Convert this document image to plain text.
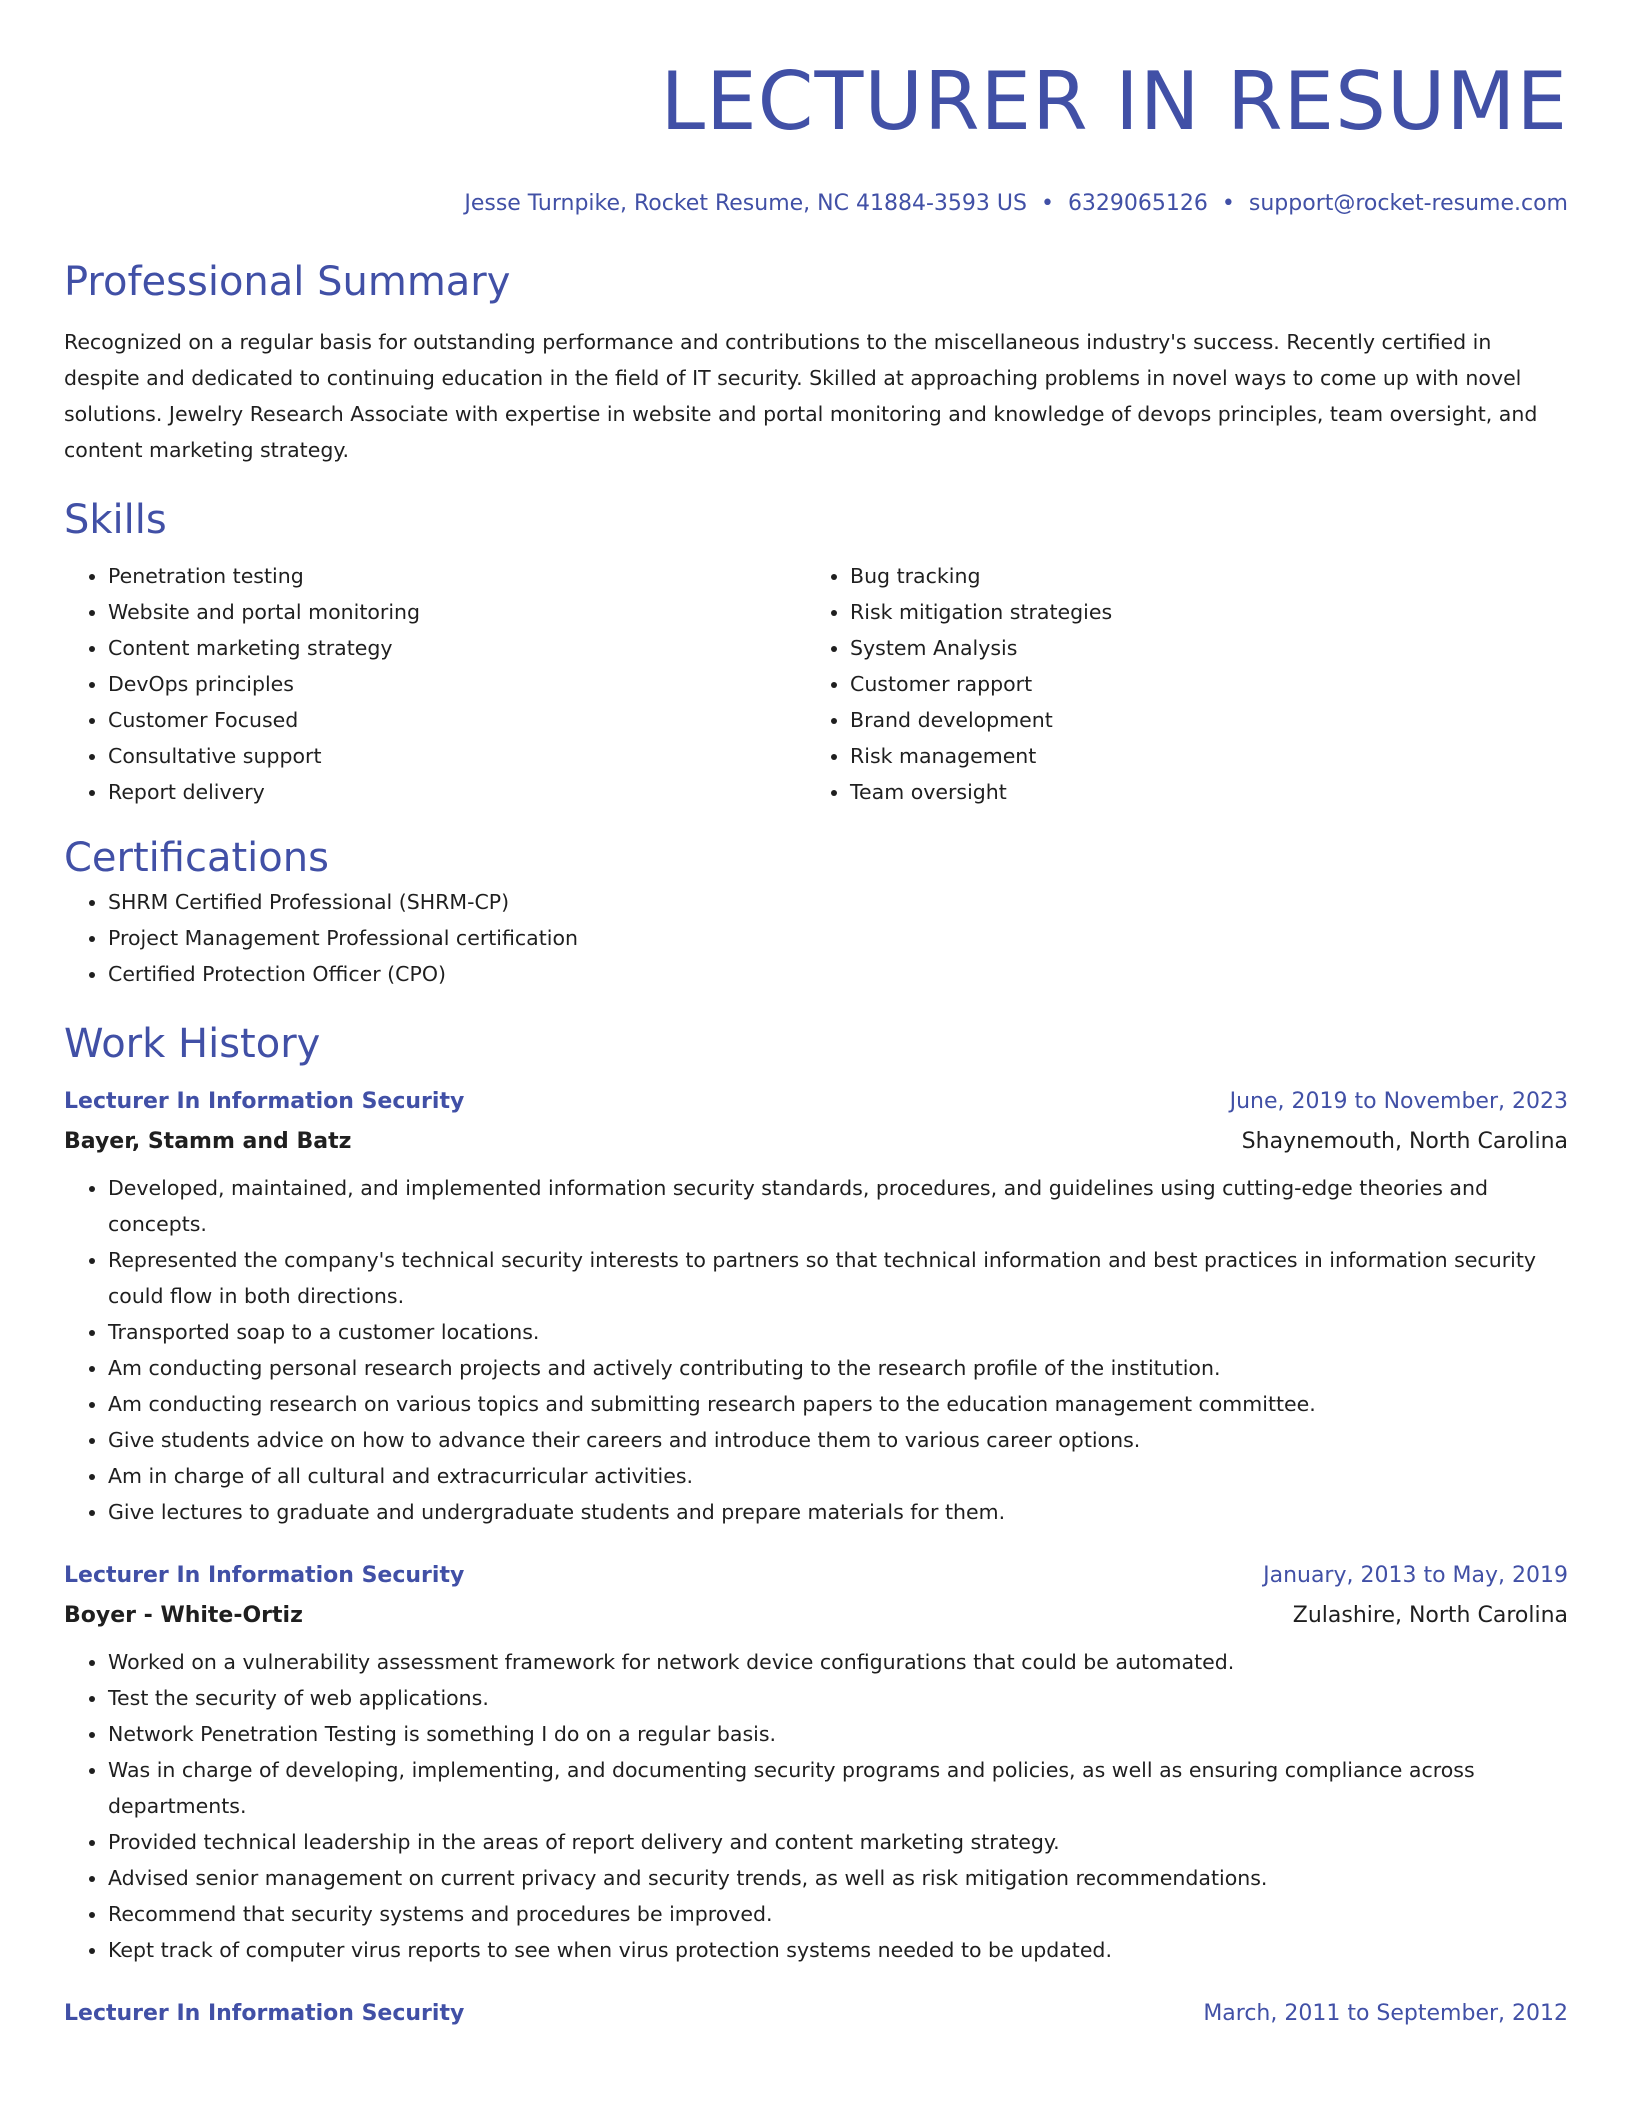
LECTURER IN RESUME
Jesse Turnpike, Rocket Resume, NC 41884-3593 US • 6329065126 • support@rocket-resume.com
Professional Summary

Recognized on a regular basis for outstanding performance and contributions to the miscellaneous industry's success. Recently certified in despite and dedicated to continuing education in the field of IT security. Skilled at approaching problems in novel ways to come up with novel solutions. Jewelry Research Associate with expertise in website and portal monitoring and knowledge of devops principles, team oversight, and content marketing strategy.

Skills
• Penetration testing
• Website and portal monitoring
• Content marketing strategy
• DevOps principles
• Customer Focused
• Consultative support
• Report delivery
• Bug tracking
• Risk mitigation strategies
• System Analysis
• Customer rapport
• Brand development
• Risk management
• Team oversight
Certifications
• SHRM Certified Professional (SHRM-CP)
• Project Management Professional certification
• Certified Protection Officer (CPO)
Work History
Lecturer In Information Security	June, 2019 to November, 2023
Bayer, Stamm and Batz	Shaynemouth, North Carolina
• Developed, maintained, and implemented information security standards, procedures, and guidelines using cutting-edge theories and concepts.
• Represented the company's technical security interests to partners so that technical information and best practices in information security could flow in both directions.
• Transported soap to a customer locations.
• Am conducting personal research projects and actively contributing to the research profile of the institution.
• Am conducting research on various topics and submitting research papers to the education management committee.
• Give students advice on how to advance their careers and introduce them to various career options.
• Am in charge of all cultural and extracurricular activities.
• Give lectures to graduate and undergraduate students and prepare materials for them.
Lecturer In Information Security	January, 2013 to May, 2019
Boyer - White-Ortiz	Zulashire, North Carolina
• Worked on a vulnerability assessment framework for network device configurations that could be automated.
• Test the security of web applications.
• Network Penetration Testing is something I do on a regular basis.
• Was in charge of developing, implementing, and documenting security programs and policies, as well as ensuring compliance across departments.
• Provided technical leadership in the areas of report delivery and content marketing strategy.
• Advised senior management on current privacy and security trends, as well as risk mitigation recommendations.
• Recommend that security systems and procedures be improved.
• Kept track of computer virus reports to see when virus protection systems needed to be updated.
Lecturer In Information Security	March, 2011 to September, 2012
